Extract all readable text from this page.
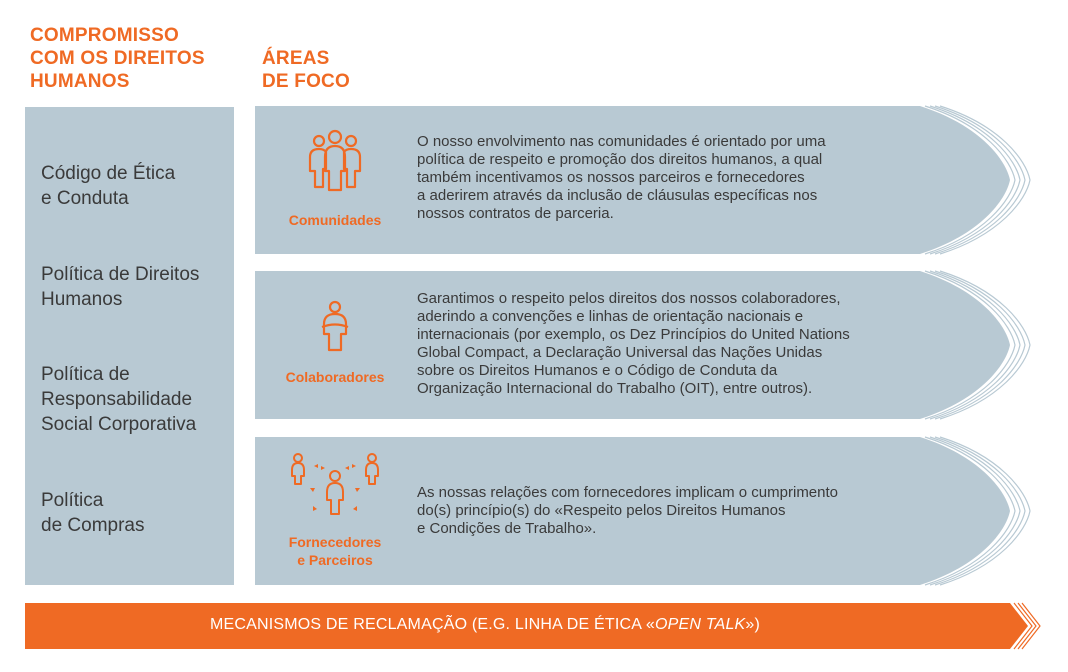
COMPROMISSO
COM OS DIREITOS
HUMANOS
ÁREAS
DE FOCO
Código de Ética
e Conduta
Política de Direitos
Humanos
Política de
Responsabilidade
Social Corporativa
Política
de Compras
Comunidades
Colaboradores
Fornecedores
e Parceiros
O nosso envolvimento nas comunidades é orientado por uma
política de respeito e promoção dos direitos humanos, a qual
também incentivamos os nossos parceiros e fornecedores
a aderirem através da inclusão de cláusulas específicas nos
nossos contratos de parceria.
Garantimos o respeito pelos direitos dos nossos colaboradores,
aderindo a convenções e linhas de orientação nacionais e
internacionais (por exemplo, os Dez Princípios do United Nations
Global Compact, a Declaração Universal das Nações Unidas
sobre os Direitos Humanos e o Código de Conduta da
Organização Internacional do Trabalho (OIT), entre outros).
As nossas relações com fornecedores implicam o cumprimento
do(s) princípio(s) do «Respeito pelos Direitos Humanos
e Condições de Trabalho».
MECANISMOS DE RECLAMAÇÃO (E.G. LINHA DE ÉTICA «OPEN TALK»)
